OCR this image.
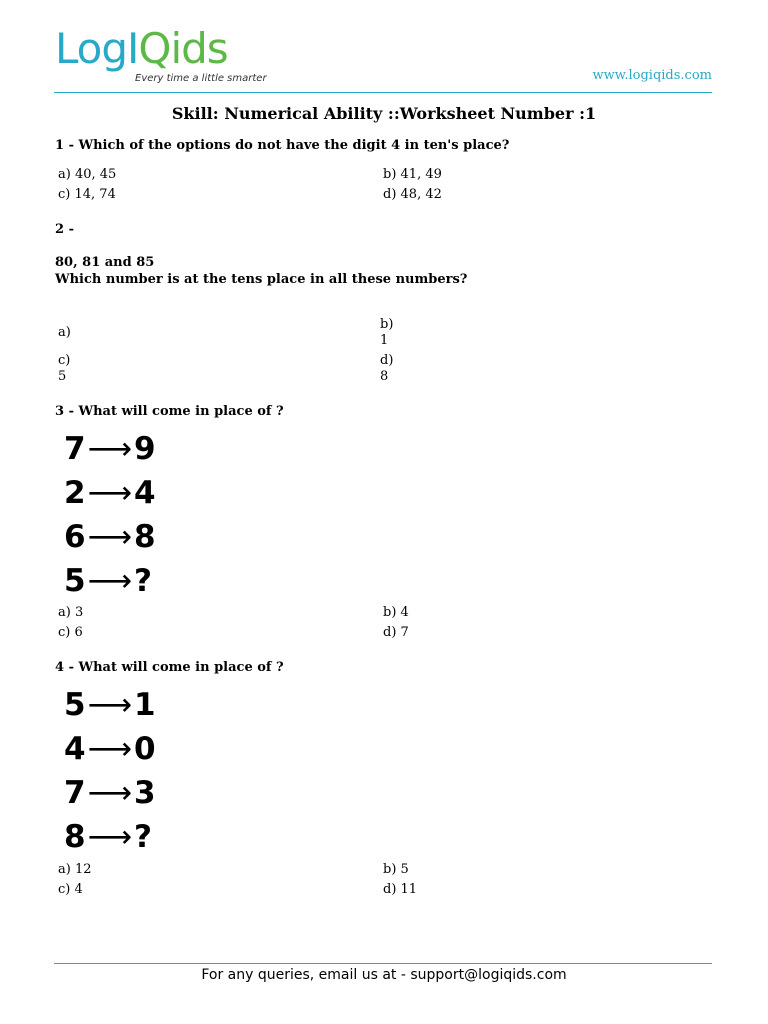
LogIQids
Every time a little smarter	www.logiqids.com
Skill: Numerical Ability ::Worksheet Number :1
1 - Which of the options do not have the digit 4 in ten's place?
a) 40, 45	b) 41, 49
c) 14, 74	d) 48, 42
2 -
80, 81 and 85
Which number is at the tens place in all these numbers?
a)
b)
1
c)
5
d)
8
3 - What will come in place of ?
7⟶9
2⟶4
6⟶8
5⟶?
a) 3	b) 4
c) 6	d) 7
4 - What will come in place of ?
5⟶1
4⟶0
7⟶3
8⟶?
a) 12	b) 5
c) 4	d) 11
For any queries, email us at - support@logiqids.com
